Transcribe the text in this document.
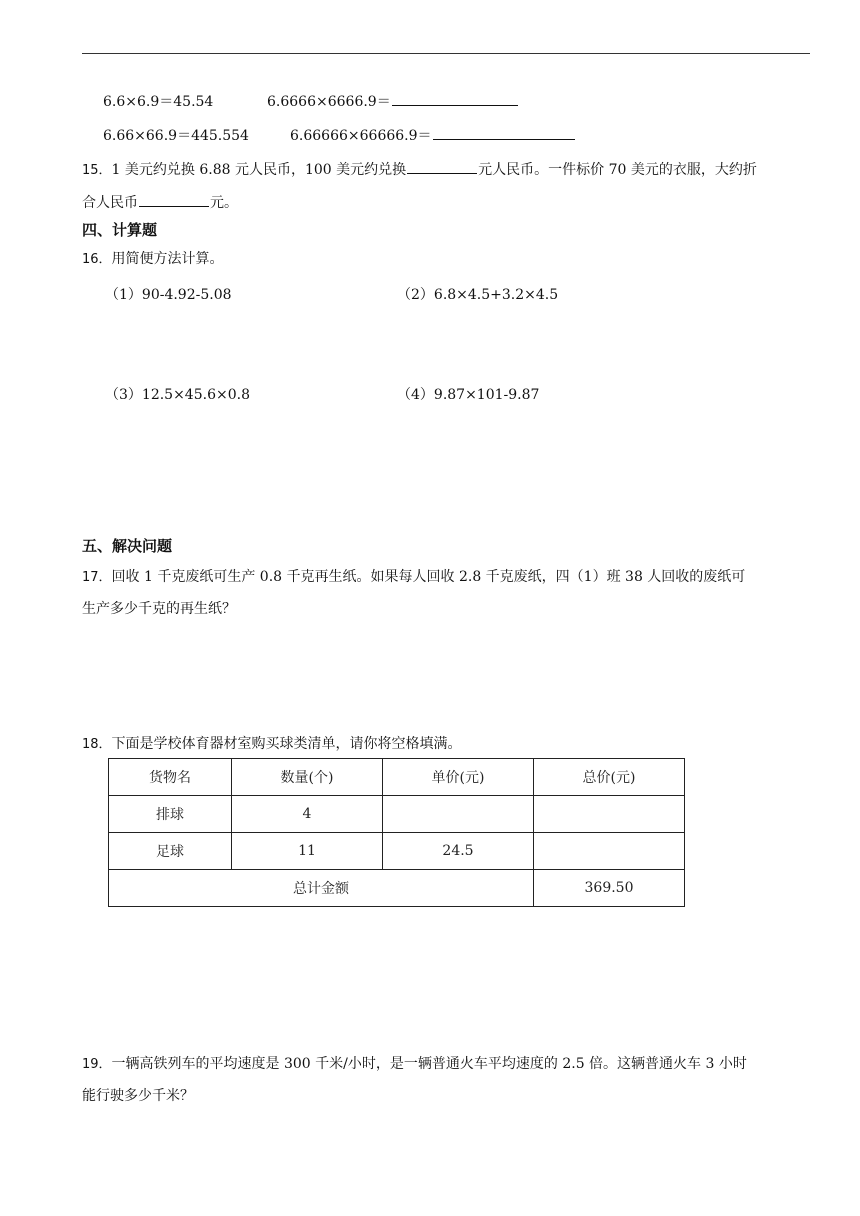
6.6×6.9＝45.54	6.6666×6666.9＝
6.66×66.9＝445.554	6.66666×66666.9＝
15．1 美元约兑换 6.88 元人民币，100 美元约兑换	元人民币。一件标价 70 美元的衣服，大约折
合人民币	元。
四、计算题
16．用简便方法计算。
（1）90-4.92-5.08	（2）6.8×4.5+3.2×4.5
（3）12.5×45.6×0.8	（4）9.87×101-9.87
五、解决问题
17．回收 1 千克废纸可生产 0.8 千克再生纸。如果每人回收 2.8 千克废纸，四（1）班 38 人回收的废纸可
生产多少千克的再生纸？
18．下面是学校体育器材室购买球类清单，请你将空格填满。
货物名	数量(个)	单价(元)	总价(元)
排球	4		
足球	11	24.5	
总计金额			369.50
19．一辆高铁列车的平均速度是 300 千米/小时，是一辆普通火车平均速度的 2.5 倍。这辆普通火车 3 小时
能行驶多少千米？
